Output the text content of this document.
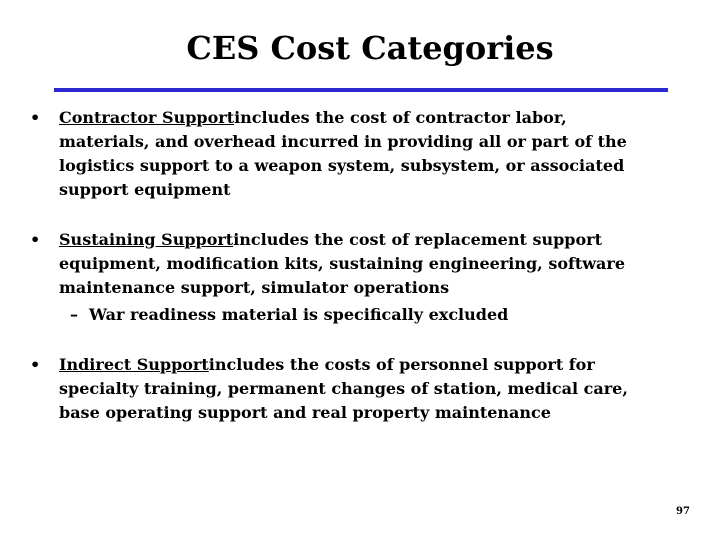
CES Cost Categories
• Contractor Supportincludes the cost of contractor labor,
materials, and overhead incurred in providing all or part of the
logistics support to a weapon system, subsystem, or associated
support equipment
• Sustaining Supportincludes the cost of replacement support
equipment, modification kits, sustaining engineering, software
maintenance support, simulator operations
– War readiness material is specifically excluded
• Indirect Supportincludes the costs of personnel support for
specialty training, permanent changes of station, medical care,
base operating support and real property maintenance
97
